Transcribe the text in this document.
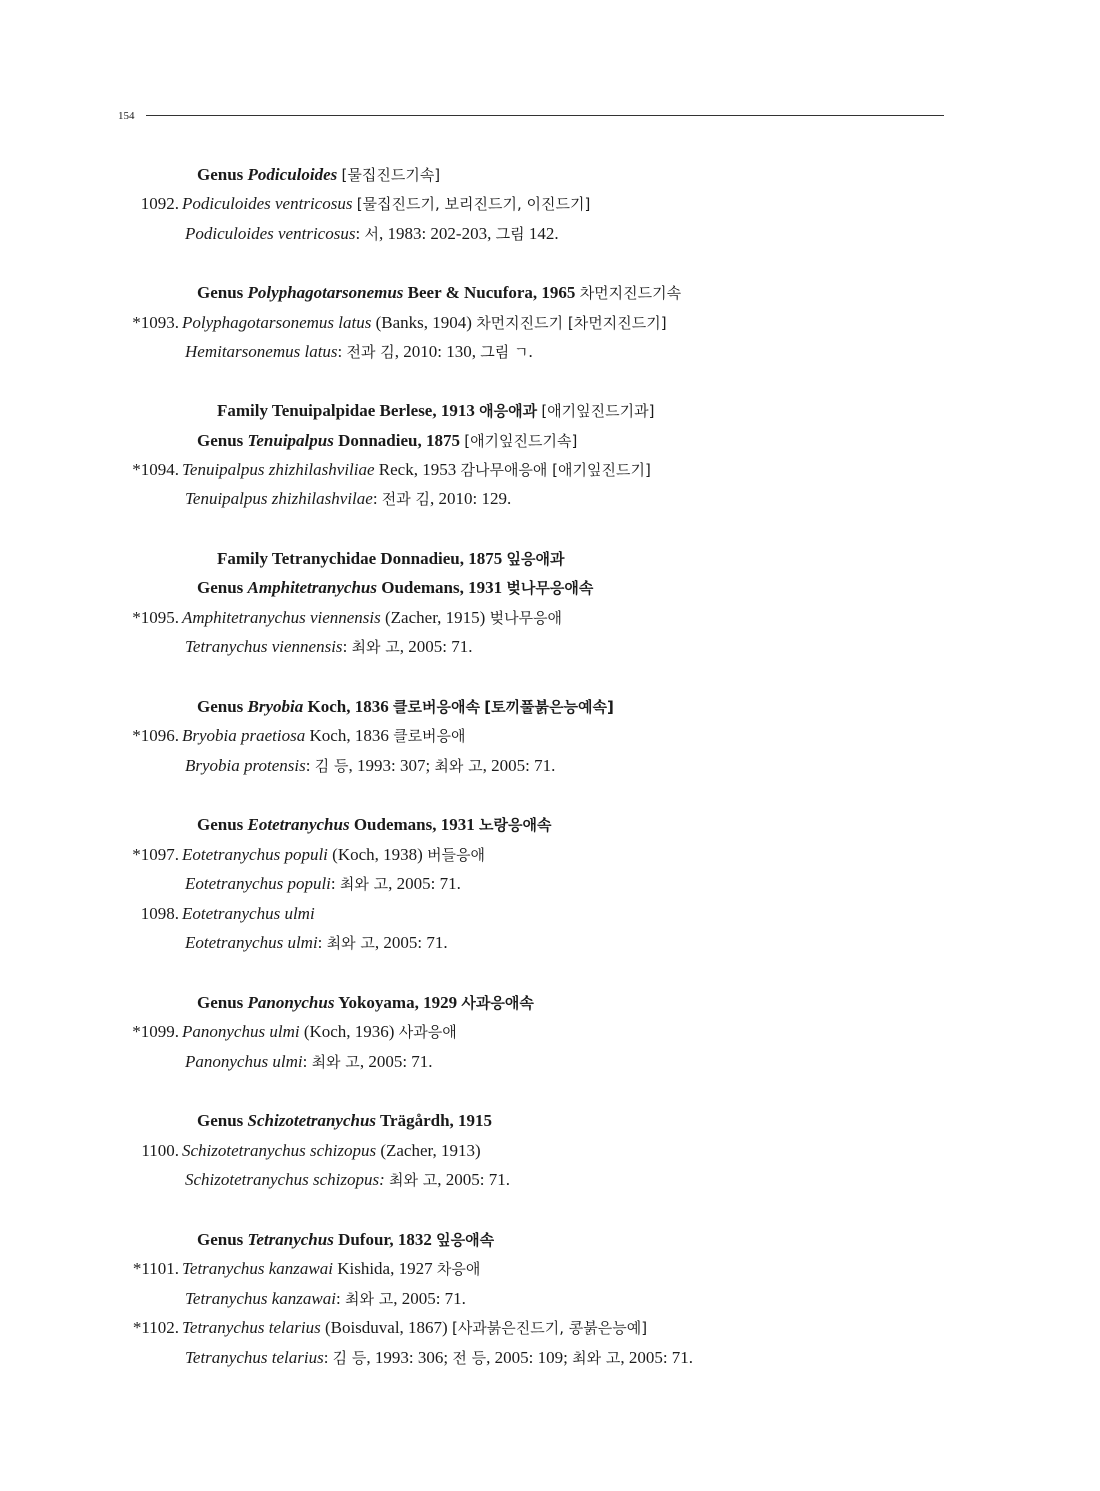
154
Genus Podiculoides [물집진드기속]
1092. Podiculoides ventricosus [물집진드기, 보리진드기, 이진드기]
Podiculoides ventricosus: 서, 1983: 202-203, 그림 142.
Genus Polyphagotarsonemus Beer & Nucufora, 1965 차먼지진드기속
*1093. Polyphagotarsonemus latus (Banks, 1904) 차먼지진드기 [차먼지진드기]
Hemitarsonemus latus: 전과 김, 2010: 130, 그림 ㄱ.
Family Tenuipalpidae Berlese, 1913 애응애과 [애기잎진드기과]
Genus Tenuipalpus Donnadieu, 1875 [애기잎진드기속]
*1094. Tenuipalpus zhizhilashviliae Reck, 1953 감나무애응애 [애기잎진드기]
Tenuipalpus zhizhilashvilae: 전과 김, 2010: 129.
Family Tetranychidae Donnadieu, 1875 잎응애과
Genus Amphitetranychus Oudemans, 1931 벚나무응애속
*1095. Amphitetranychus viennensis (Zacher, 1915) 벚나무응애
Tetranychus viennensis: 최와 고, 2005: 71.
Genus Bryobia Koch, 1836 클로버응애속 [토끼풀붉은능예속]
*1096. Bryobia praetiosa Koch, 1836 클로버응애
Bryobia protensis: 김 등, 1993: 307; 최와 고, 2005: 71.
Genus Eotetranychus Oudemans, 1931 노랑응애속
*1097. Eotetranychus populi (Koch, 1938) 버들응애
Eotetranychus populi: 최와 고, 2005: 71.
1098. Eotetranychus ulmi
Eotetranychus ulmi: 최와 고, 2005: 71.
Genus Panonychus Yokoyama, 1929 사과응애속
*1099. Panonychus ulmi (Koch, 1936) 사과응애
Panonychus ulmi: 최와 고, 2005: 71.
Genus Schizotetranychus Trägårdh, 1915
1100. Schizotetranychus schizopus (Zacher, 1913)
Schizotetranychus schizopus: 최와 고, 2005: 71.
Genus Tetranychus Dufour, 1832 잎응애속
*1101. Tetranychus kanzawai Kishida, 1927 차응애
Tetranychus kanzawai: 최와 고, 2005: 71.
*1102. Tetranychus telarius (Boisduval, 1867) [사과붉은진드기, 콩붉은능예]
Tetranychus telarius: 김 등, 1993: 306; 전 등, 2005: 109; 최와 고, 2005: 71.
